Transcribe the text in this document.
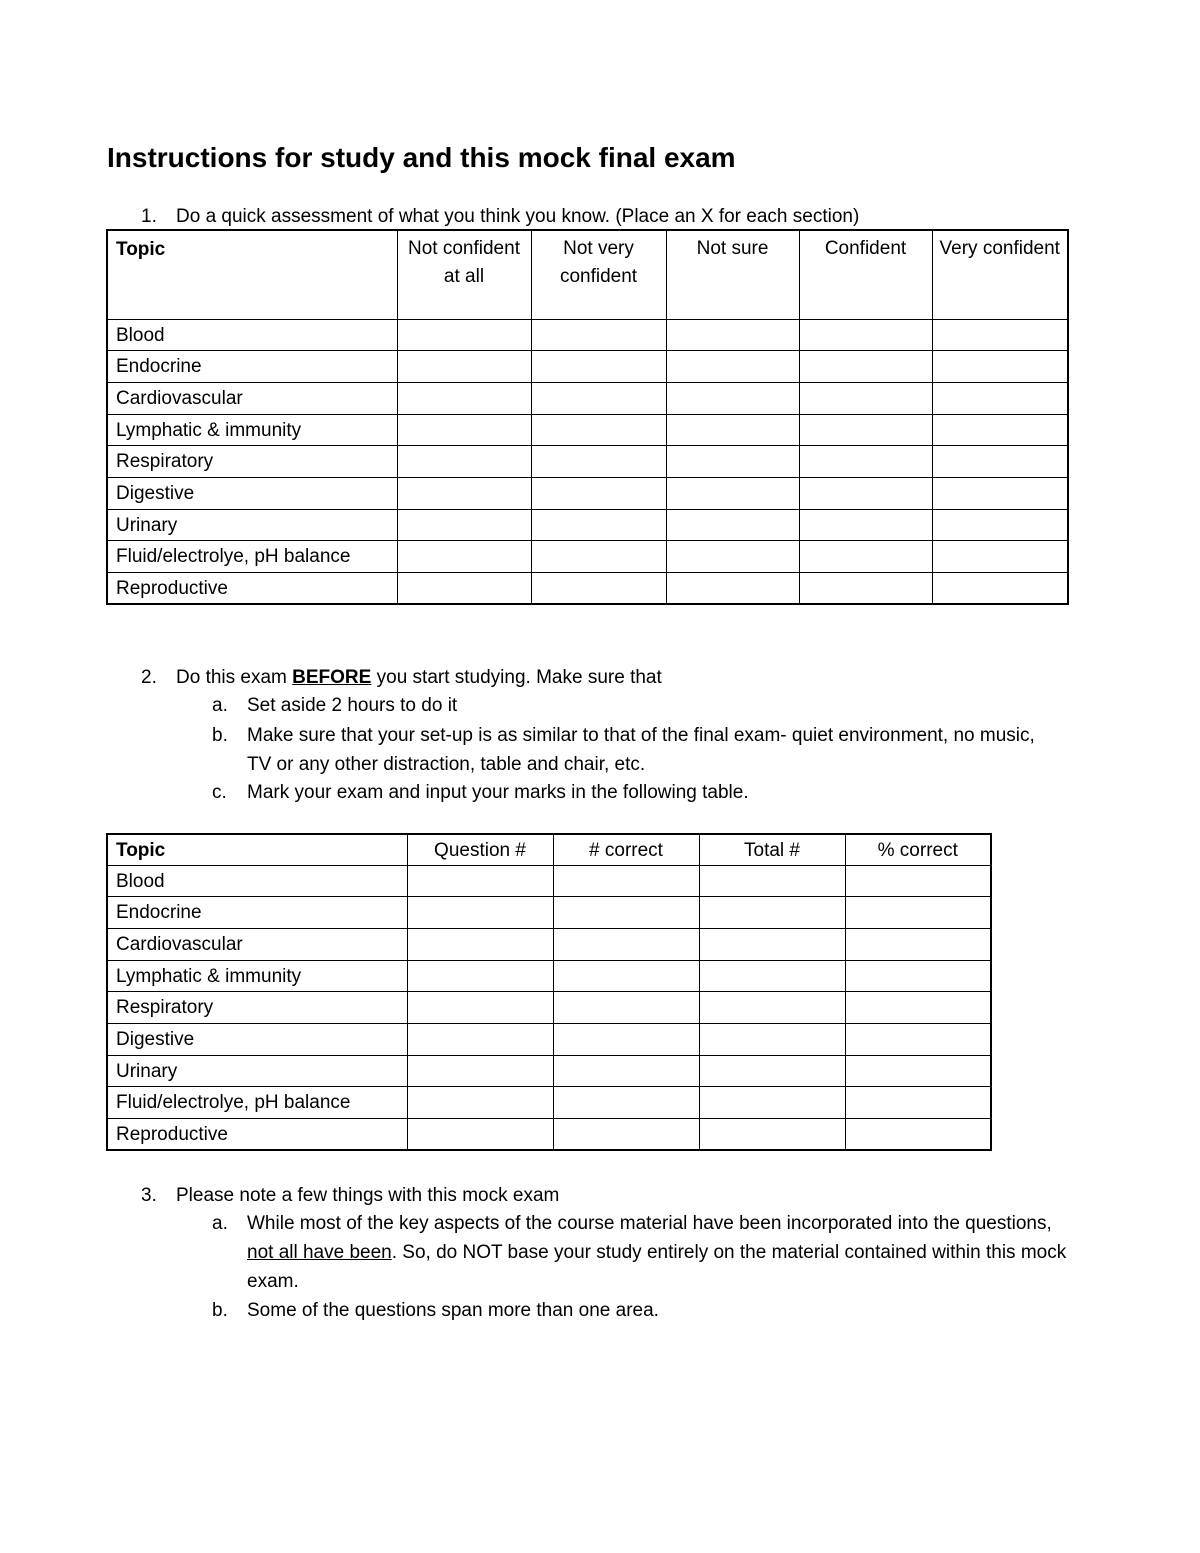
Instructions for study and this mock final exam
1.	Do a quick assessment of what you think you know. (Place an X for each section)
Topic	Not confident at all	Not very confident	Not sure	Confident	Very confident
Blood					
Endocrine					
Cardiovascular					
Lymphatic & immunity					
Respiratory					
Digestive					
Urinary					
Fluid/electrolye, pH balance					
Reproductive					
2.	Do this exam BEFORE you start studying. Make sure that
a.	Set aside 2 hours to do it
b.	Make sure that your set-up is as similar to that of the final exam- quiet environment, no music, TV or any other distraction, table and chair, etc.
c.	Mark your exam and input your marks in the following table.
Topic	Question #	# correct	Total #	% correct
Blood				
Endocrine				
Cardiovascular				
Lymphatic & immunity				
Respiratory				
Digestive				
Urinary				
Fluid/electrolye, pH balance				
Reproductive				
3.	Please note a few things with this mock exam
a.	While most of the key aspects of the course material have been incorporated into the questions, not all have been. So, do NOT base your study entirely on the material contained within this mock exam.
b.	Some of the questions span more than one area.
